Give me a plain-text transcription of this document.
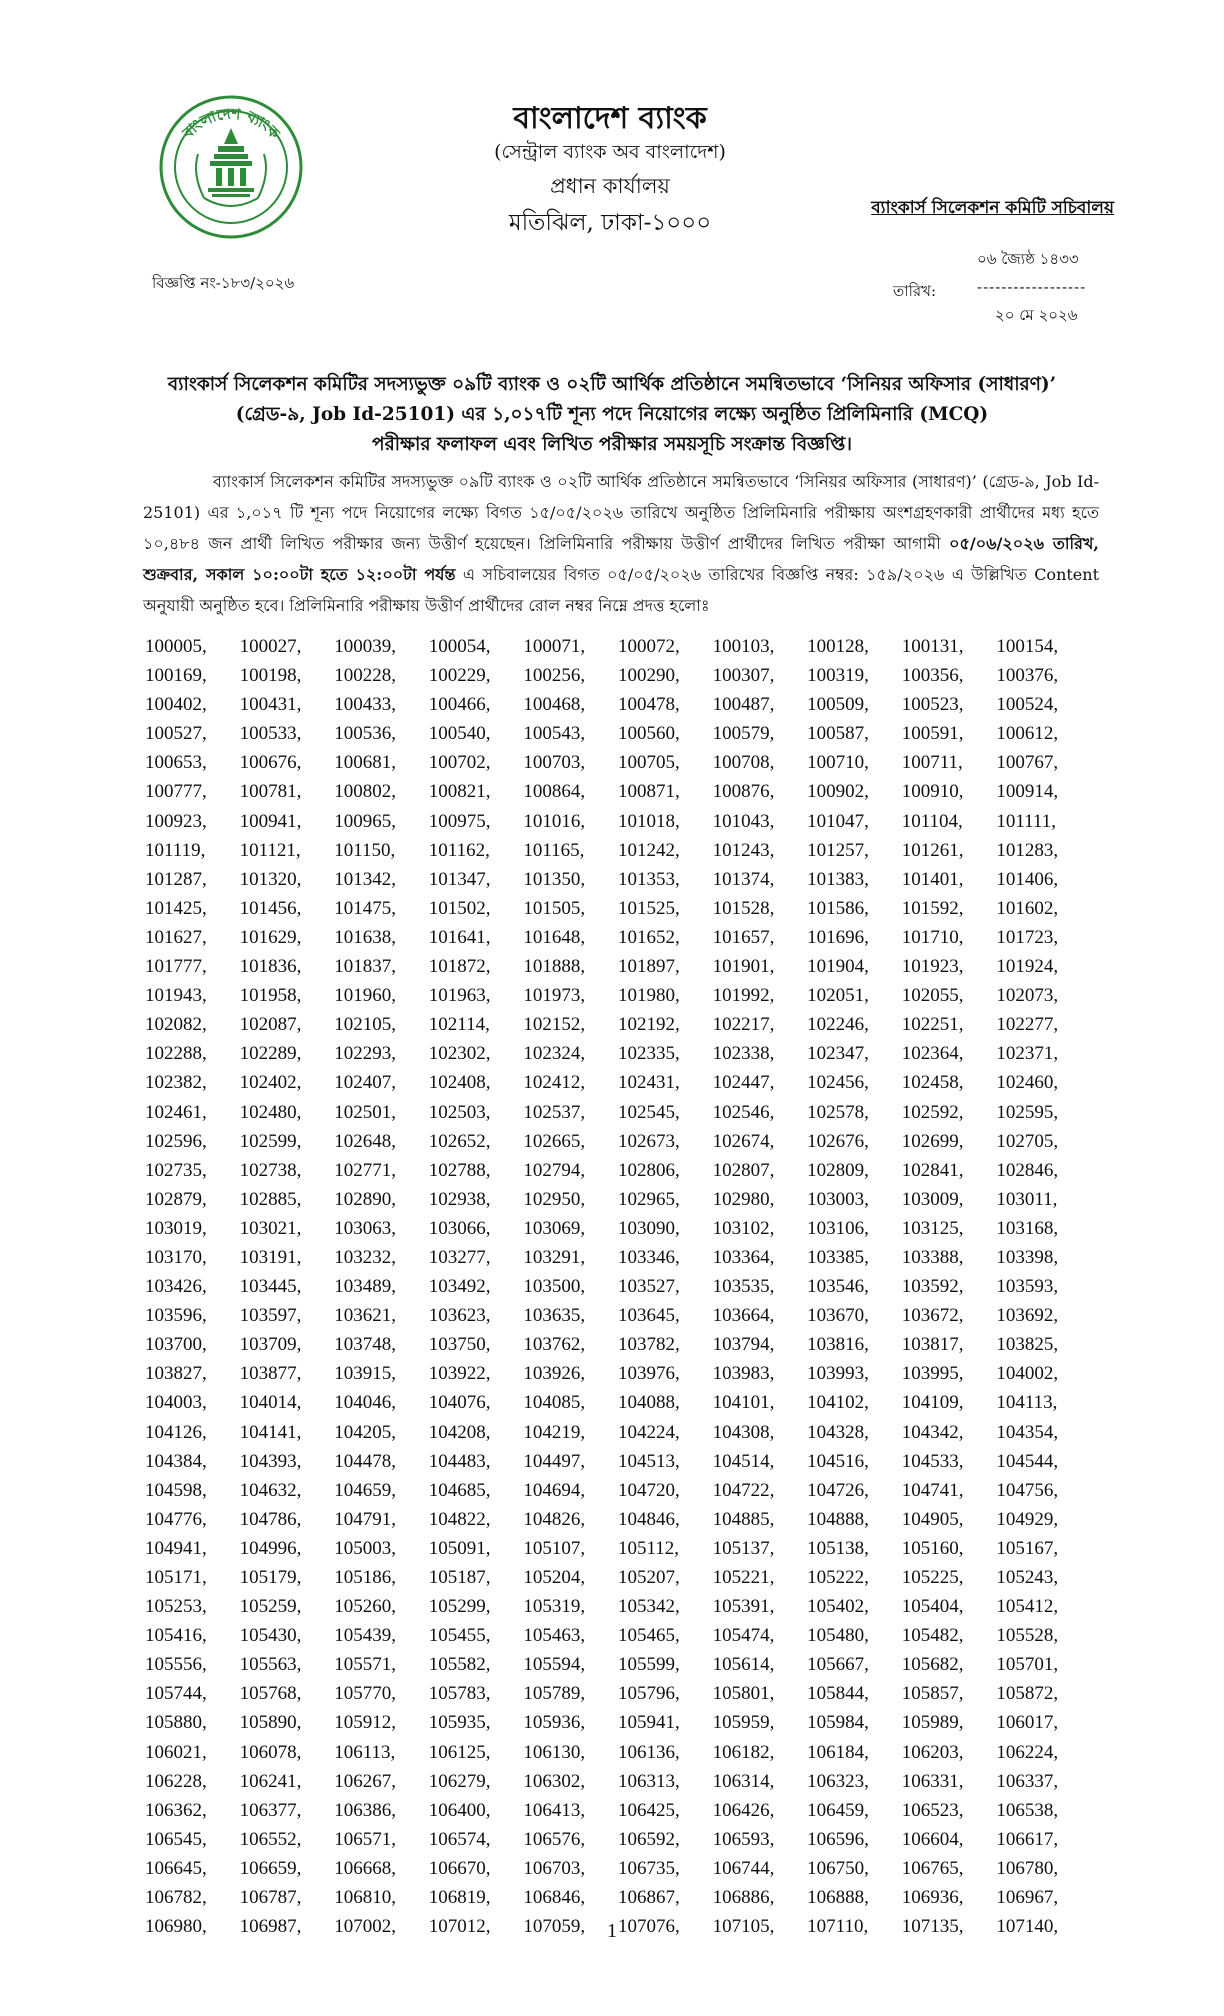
বাংলাদেশ ব্যাংক	বাংলাদেশ ব্যাংক
(সেন্ট্রাল ব্যাংক অব বাংলাদেশ)
প্রধান কার্যালয়
মতিঝিল, ঢাকা-১০০০
ব্যাংকার্স সিলেকশন কমিটি সচিবালয়
বিজ্ঞপ্তি নং-১৮৩/২০২৬
০৬ জ্যৈষ্ঠ ১৪৩৩
তারিখ:	------------------
২০ মে ২০২৬
ব্যাংকার্স সিলেকশন কমিটির সদস্যভুক্ত ০৯টি ব্যাংক ও ০২টি আর্থিক প্রতিষ্ঠানে সমন্বিতভাবে ‘সিনিয়র অফিসার (সাধারণ)’
(গ্রেড-৯, Job Id-25101) এর ১,০১৭টি শূন্য পদে নিয়োগের লক্ষ্যে অনুষ্ঠিত প্রিলিমিনারি (MCQ)
পরীক্ষার ফলাফল এবং লিখিত পরীক্ষার সময়সূচি সংক্রান্ত বিজ্ঞপ্তি।
ব্যাংকার্স সিলেকশন কমিটির সদস্যভুক্ত ০৯টি ব্যাংক ও ০২টি আর্থিক প্রতিষ্ঠানে সমন্বিতভাবে ‘সিনিয়র অফিসার (সাধারণ)’ (গ্রেড-৯, Job Id-25101) এর ১,০১৭ টি শূন্য পদে নিয়োগের লক্ষ্যে বিগত ১৫/০৫/২০২৬ তারিখে অনুষ্ঠিত প্রিলিমিনারি পরীক্ষায় অংশগ্রহণকারী প্রার্থীদের মধ্য হতে ১০,৪৮৪ জন প্রার্থী লিখিত পরীক্ষার জন্য উত্তীর্ণ হয়েছেন। প্রিলিমিনারি পরীক্ষায় উত্তীর্ণ প্রার্থীদের লিখিত পরীক্ষা আগামী ০৫/০৬/২০২৬ তারিখ, শুক্রবার, সকাল ১০:০০টা হতে ১২:০০টা পর্যন্ত এ সচিবালয়ের বিগত ০৫/০৫/২০২৬ তারিখের বিজ্ঞপ্তি নম্বর: ১৫৯/২০২৬ এ উল্লিখিত Content অনুযায়ী অনুষ্ঠিত হবে। প্রিলিমিনারি পরীক্ষায় উত্তীর্ণ প্রার্থীদের রোল নম্বর নিম্নে প্রদত্ত হলোঃ
100005,	100027,	100039,	100054,	100071,	100072,	100103,	100128,	100131,	100154,
100169,	100198,	100228,	100229,	100256,	100290,	100307,	100319,	100356,	100376,
100402,	100431,	100433,	100466,	100468,	100478,	100487,	100509,	100523,	100524,
100527,	100533,	100536,	100540,	100543,	100560,	100579,	100587,	100591,	100612,
100653,	100676,	100681,	100702,	100703,	100705,	100708,	100710,	100711,	100767,
100777,	100781,	100802,	100821,	100864,	100871,	100876,	100902,	100910,	100914,
100923,	100941,	100965,	100975,	101016,	101018,	101043,	101047,	101104,	101111,
101119,	101121,	101150,	101162,	101165,	101242,	101243,	101257,	101261,	101283,
101287,	101320,	101342,	101347,	101350,	101353,	101374,	101383,	101401,	101406,
101425,	101456,	101475,	101502,	101505,	101525,	101528,	101586,	101592,	101602,
101627,	101629,	101638,	101641,	101648,	101652,	101657,	101696,	101710,	101723,
101777,	101836,	101837,	101872,	101888,	101897,	101901,	101904,	101923,	101924,
101943,	101958,	101960,	101963,	101973,	101980,	101992,	102051,	102055,	102073,
102082,	102087,	102105,	102114,	102152,	102192,	102217,	102246,	102251,	102277,
102288,	102289,	102293,	102302,	102324,	102335,	102338,	102347,	102364,	102371,
102382,	102402,	102407,	102408,	102412,	102431,	102447,	102456,	102458,	102460,
102461,	102480,	102501,	102503,	102537,	102545,	102546,	102578,	102592,	102595,
102596,	102599,	102648,	102652,	102665,	102673,	102674,	102676,	102699,	102705,
102735,	102738,	102771,	102788,	102794,	102806,	102807,	102809,	102841,	102846,
102879,	102885,	102890,	102938,	102950,	102965,	102980,	103003,	103009,	103011,
103019,	103021,	103063,	103066,	103069,	103090,	103102,	103106,	103125,	103168,
103170,	103191,	103232,	103277,	103291,	103346,	103364,	103385,	103388,	103398,
103426,	103445,	103489,	103492,	103500,	103527,	103535,	103546,	103592,	103593,
103596,	103597,	103621,	103623,	103635,	103645,	103664,	103670,	103672,	103692,
103700,	103709,	103748,	103750,	103762,	103782,	103794,	103816,	103817,	103825,
103827,	103877,	103915,	103922,	103926,	103976,	103983,	103993,	103995,	104002,
104003,	104014,	104046,	104076,	104085,	104088,	104101,	104102,	104109,	104113,
104126,	104141,	104205,	104208,	104219,	104224,	104308,	104328,	104342,	104354,
104384,	104393,	104478,	104483,	104497,	104513,	104514,	104516,	104533,	104544,
104598,	104632,	104659,	104685,	104694,	104720,	104722,	104726,	104741,	104756,
104776,	104786,	104791,	104822,	104826,	104846,	104885,	104888,	104905,	104929,
104941,	104996,	105003,	105091,	105107,	105112,	105137,	105138,	105160,	105167,
105171,	105179,	105186,	105187,	105204,	105207,	105221,	105222,	105225,	105243,
105253,	105259,	105260,	105299,	105319,	105342,	105391,	105402,	105404,	105412,
105416,	105430,	105439,	105455,	105463,	105465,	105474,	105480,	105482,	105528,
105556,	105563,	105571,	105582,	105594,	105599,	105614,	105667,	105682,	105701,
105744,	105768,	105770,	105783,	105789,	105796,	105801,	105844,	105857,	105872,
105880,	105890,	105912,	105935,	105936,	105941,	105959,	105984,	105989,	106017,
106021,	106078,	106113,	106125,	106130,	106136,	106182,	106184,	106203,	106224,
106228,	106241,	106267,	106279,	106302,	106313,	106314,	106323,	106331,	106337,
106362,	106377,	106386,	106400,	106413,	106425,	106426,	106459,	106523,	106538,
106545,	106552,	106571,	106574,	106576,	106592,	106593,	106596,	106604,	106617,
106645,	106659,	106668,	106670,	106703,	106735,	106744,	106750,	106765,	106780,
106782,	106787,	106810,	106819,	106846,	106867,	106886,	106888,	106936,	106967,
106980,	106987,	107002,	107012,	107059,	107076,	107105,	107110,	107135,	107140,
1
